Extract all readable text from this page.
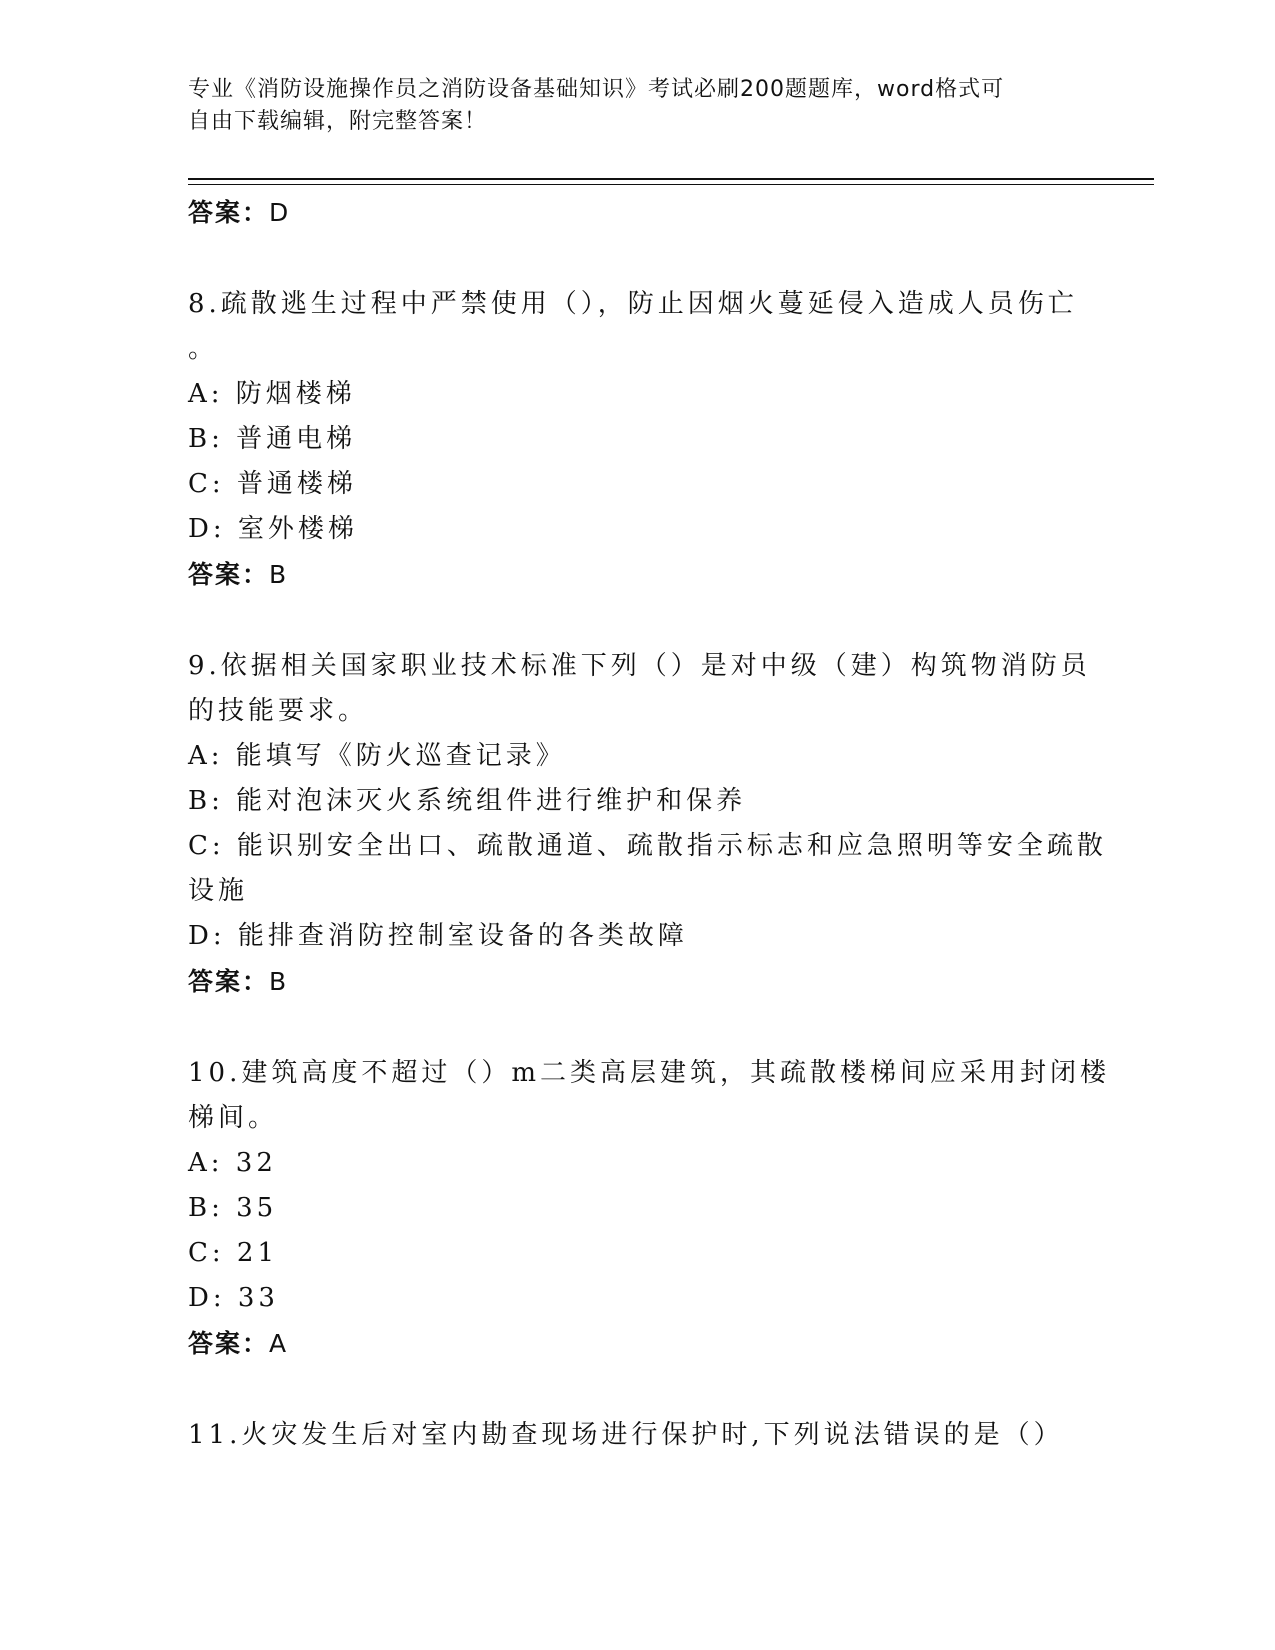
专业《消防设施操作员之消防设备基础知识》考试必刷200题题库，word格式可
自由下载编辑，附完整答案！
答案：D
8.疏散逃生过程中严禁使用（），防止因烟火蔓延侵入造成人员伤亡
。
A: 防烟楼梯
B: 普通电梯
C: 普通楼梯
D: 室外楼梯
答案：B
9.依据相关国家职业技术标准下列（）是对中级（建）构筑物消防员
的技能要求。
A: 能填写《防火巡查记录》
B: 能对泡沫灭火系统组件进行维护和保养
C: 能识别安全出口、疏散通道、疏散指示标志和应急照明等安全疏散
设施
D: 能排查消防控制室设备的各类故障
答案：B
10.建筑高度不超过（）m二类高层建筑，其疏散楼梯间应采用封闭楼
梯间。
A: 32
B: 35
C: 21
D: 33
答案：A
11.火灾发生后对室内勘查现场进行保护时,下列说法错误的是（）
